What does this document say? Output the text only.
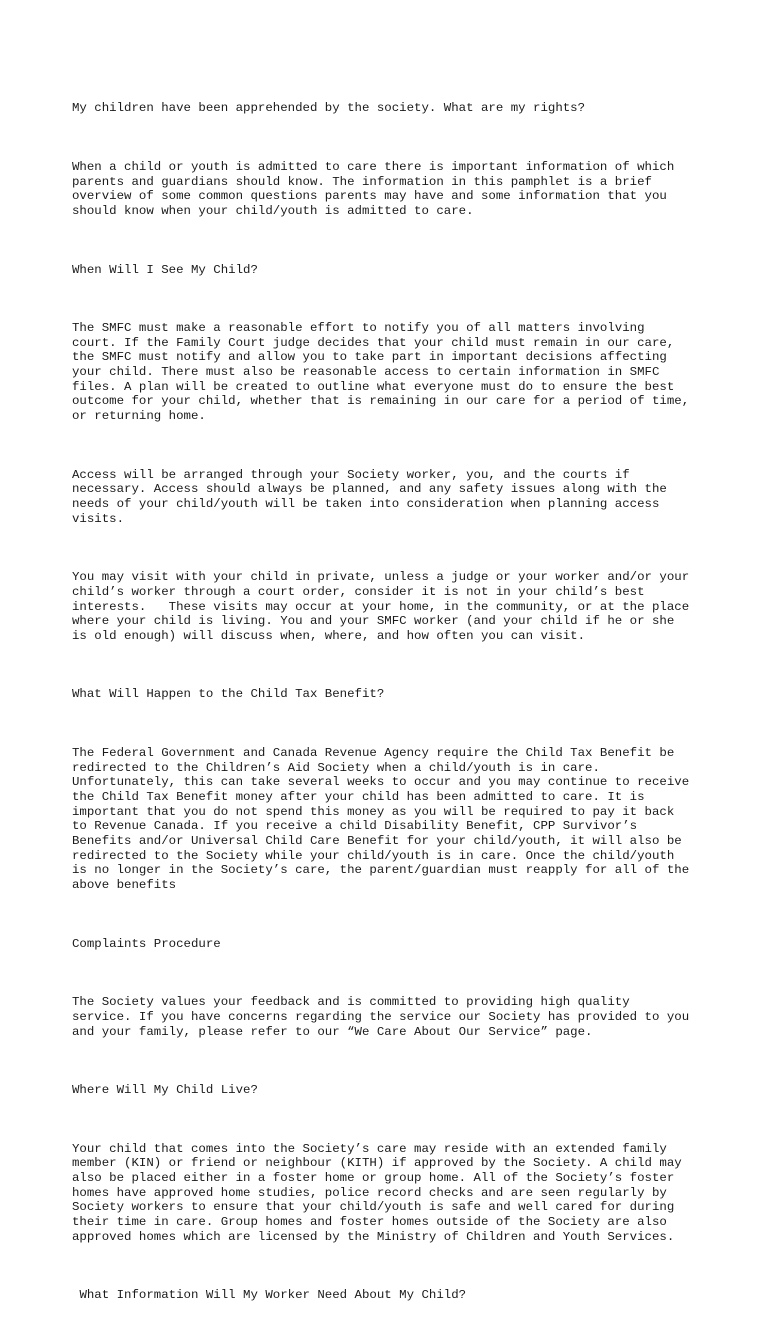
My children have been apprehended by the society. What are my rights?

When a child or youth is admitted to care there is important information of which
parents and guardians should know. The information in this pamphlet is a brief
overview of some common questions parents may have and some information that you
should know when your child/youth is admitted to care.

When Will I See My Child?

The SMFC must make a reasonable effort to notify you of all matters involving
court. If the Family Court judge decides that your child must remain in our care,
the SMFC must notify and allow you to take part in important decisions affecting
your child. There must also be reasonable access to certain information in SMFC
files. A plan will be created to outline what everyone must do to ensure the best
outcome for your child, whether that is remaining in our care for a period of time,
or returning home.

Access will be arranged through your Society worker, you, and the courts if
necessary. Access should always be planned, and any safety issues along with the
needs of your child/youth will be taken into consideration when planning access
visits.

You may visit with your child in private, unless a judge or your worker and/or your
child’s worker through a court order, consider it is not in your child’s best
interests.   These visits may occur at your home, in the community, or at the place
where your child is living. You and your SMFC worker (and your child if he or she
is old enough) will discuss when, where, and how often you can visit.

What Will Happen to the Child Tax Benefit?

The Federal Government and Canada Revenue Agency require the Child Tax Benefit be
redirected to the Children’s Aid Society when a child/youth is in care.
Unfortunately, this can take several weeks to occur and you may continue to receive
the Child Tax Benefit money after your child has been admitted to care. It is
important that you do not spend this money as you will be required to pay it back
to Revenue Canada. If you receive a child Disability Benefit, CPP Survivor’s
Benefits and/or Universal Child Care Benefit for your child/youth, it will also be
redirected to the Society while your child/youth is in care. Once the child/youth
is no longer in the Society’s care, the parent/guardian must reapply for all of the
above benefits

Complaints Procedure

The Society values your feedback and is committed to providing high quality
service. If you have concerns regarding the service our Society has provided to you
and your family, please refer to our “We Care About Our Service” page.

Where Will My Child Live?

Your child that comes into the Society’s care may reside with an extended family
member (KIN) or friend or neighbour (KITH) if approved by the Society. A child may
also be placed either in a foster home or group home. All of the Society’s foster
homes have approved home studies, police record checks and are seen regularly by
Society workers to ensure that your child/youth is safe and well cared for during
their time in care. Group homes and foster homes outside of the Society are also
approved homes which are licensed by the Ministry of Children and Youth Services.

What Information Will My Worker Need About My Child?
